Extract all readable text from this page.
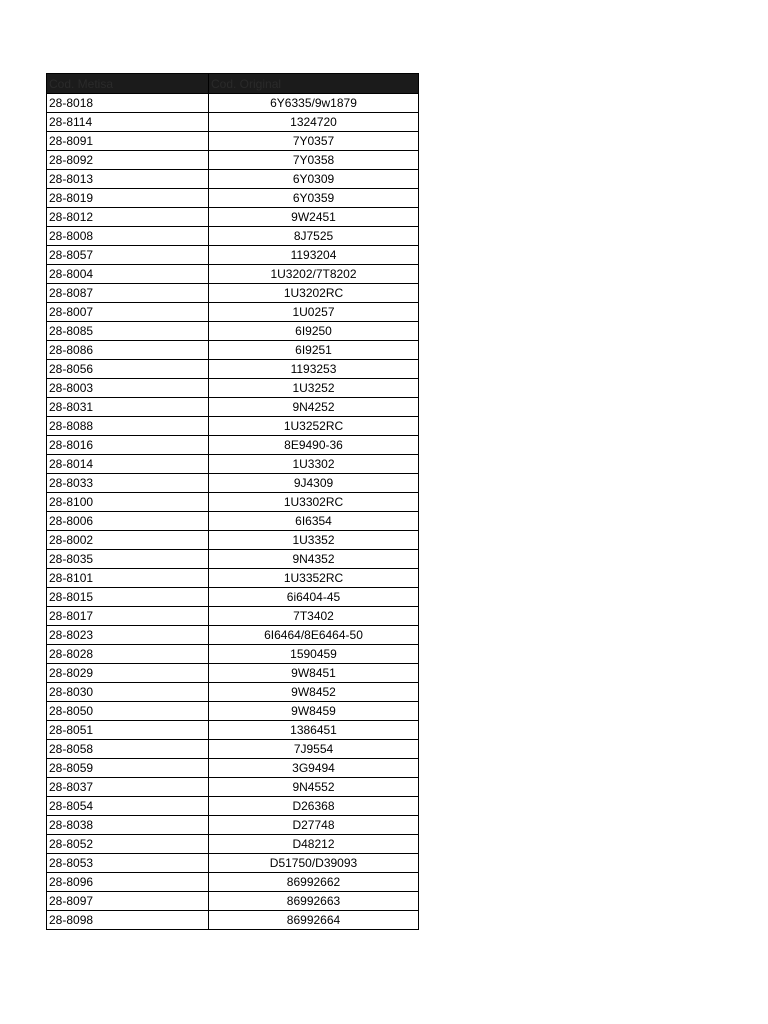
Cod. Metisa	Cod. Original
28-8018	6Y6335/9w1879
28-8114	1324720
28-8091	7Y0357
28-8092	7Y0358
28-8013	6Y0309
28-8019	6Y0359
28-8012	9W2451
28-8008	8J7525
28-8057	1193204
28-8004	1U3202/7T8202
28-8087	1U3202RC
28-8007	1U0257
28-8085	6I9250
28-8086	6I9251
28-8056	1193253
28-8003	1U3252
28-8031	9N4252
28-8088	1U3252RC
28-8016	8E9490-36
28-8014	1U3302
28-8033	9J4309
28-8100	1U3302RC
28-8006	6I6354
28-8002	1U3352
28-8035	9N4352
28-8101	1U3352RC
28-8015	6i6404-45
28-8017	7T3402
28-8023	6I6464/8E6464-50
28-8028	1590459
28-8029	9W8451
28-8030	9W8452
28-8050	9W8459
28-8051	1386451
28-8058	7J9554
28-8059	3G9494
28-8037	9N4552
28-8054	D26368
28-8038	D27748
28-8052	D48212
28-8053	D51750/D39093
28-8096	86992662
28-8097	86992663
28-8098	86992664
